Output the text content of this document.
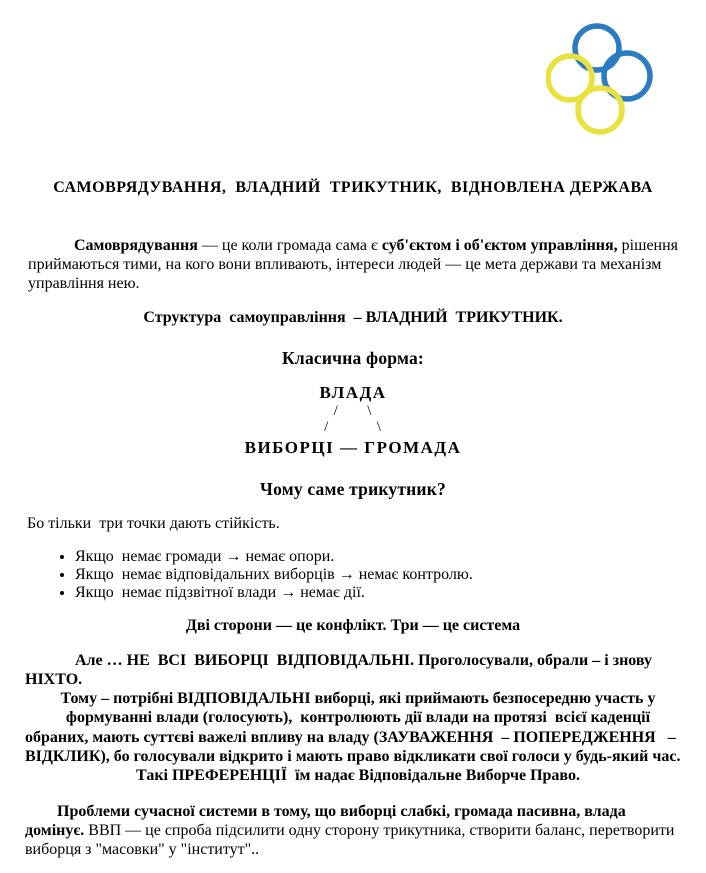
САМОВРЯДУВАННЯ,  ВЛАДНИЙ  ТРИКУТНИК,  ВІДНОВЛЕНА ДЕРЖАВА

Самоврядування — це коли громада сама є суб'єктом і об'єктом управління, рішення приймаються тими, на кого вони впливають, інтереси людей — це мета держави та механізм управління нею.

Структура  самоуправління  – ВЛАДНИЙ  ТРИКУТНИК.

Класична форма:

ВЛАДА
/      \
/          \
ВИБОРЦІ — ГРОМАДА

Чому саме трикутник?

Бо тільки  три точки дають стійкість.

• Якщо  немає громади → немає опори.
• Якщо  немає відповідальних виборців → немає контролю.
• Якщо  немає підзвітної влади → немає дії.

Дві сторони — це конфлікт. Три — це система

Але … НЕ  ВСІ  ВИБОРЦІ  ВІДПОВІДАЛЬНІ. Проголосували, обрали – і знову
НІХТО.
Тому – потрібні ВІДПОВІДАЛЬНІ виборці, які приймають безпосередню участь у
формуванні влади (голосують),  контролюють дії влади на протязі  всієї каденції
обраних, мають суттєві важелі впливу на владу (ЗАУВАЖЕННЯ  – ПОПЕРЕДЖЕННЯ   –
ВІДКЛИК), бо голосували відкрито і мають право відкликати свої голоси у будь-який час.
Такі ПРЕФЕРЕНЦІЇ  їм надає Відповідальне Виборче Право.

Проблеми сучасної системи в тому, що виборці слабкі, громада пасивна, влада домінує. ВВП — це спроба підсилити одну сторону трикутника, створити баланс, перетворити виборця з "масовки" у "інститут"..
